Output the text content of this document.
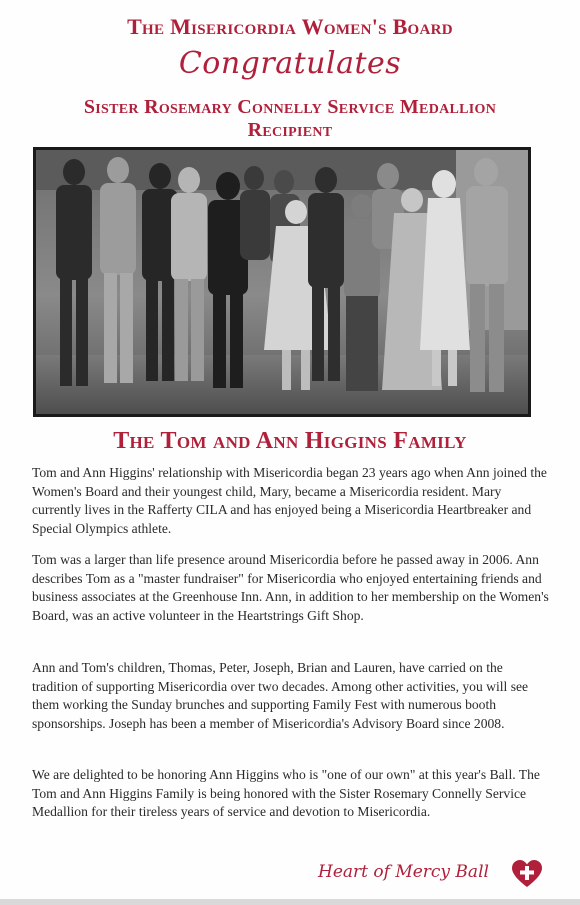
The Misericordia Women's Board
Congratulates
Sister Rosemary Connelly Service Medallion Recipient
The Tom and Ann Higgins Family
Tom and Ann Higgins' relationship with Misericordia began 23 years ago when Ann joined the Women's Board and their youngest child, Mary, became a Misericordia resident. Mary currently lives in the Rafferty CILA and has enjoyed being a Misericordia Heartbreaker and Special Olympics athlete.
Tom was a larger than life presence around Misericordia before he passed away in 2006. Ann describes Tom as a "master fundraiser" for Misericordia who enjoyed entertaining friends and business associates at the Greenhouse Inn. Ann, in addition to her membership on the Women's Board, was an active volunteer in the Heartstrings Gift Shop.
Ann and Tom's children, Thomas, Peter, Joseph, Brian and Lauren, have carried on the tradition of supporting Misericordia over two decades. Among other activities, you will see them working the Sunday brunches and supporting Family Fest with numerous booth sponsorships. Joseph has been a member of Misericordia's Advisory Board since 2008.
We are delighted to be honoring Ann Higgins who is "one of our own" at this year's Ball. The Tom and Ann Higgins Family is being honored with the Sister Rosemary Connelly Service Medallion for their tireless years of service and devotion to Misericordia.
Heart of Mercy Ball
